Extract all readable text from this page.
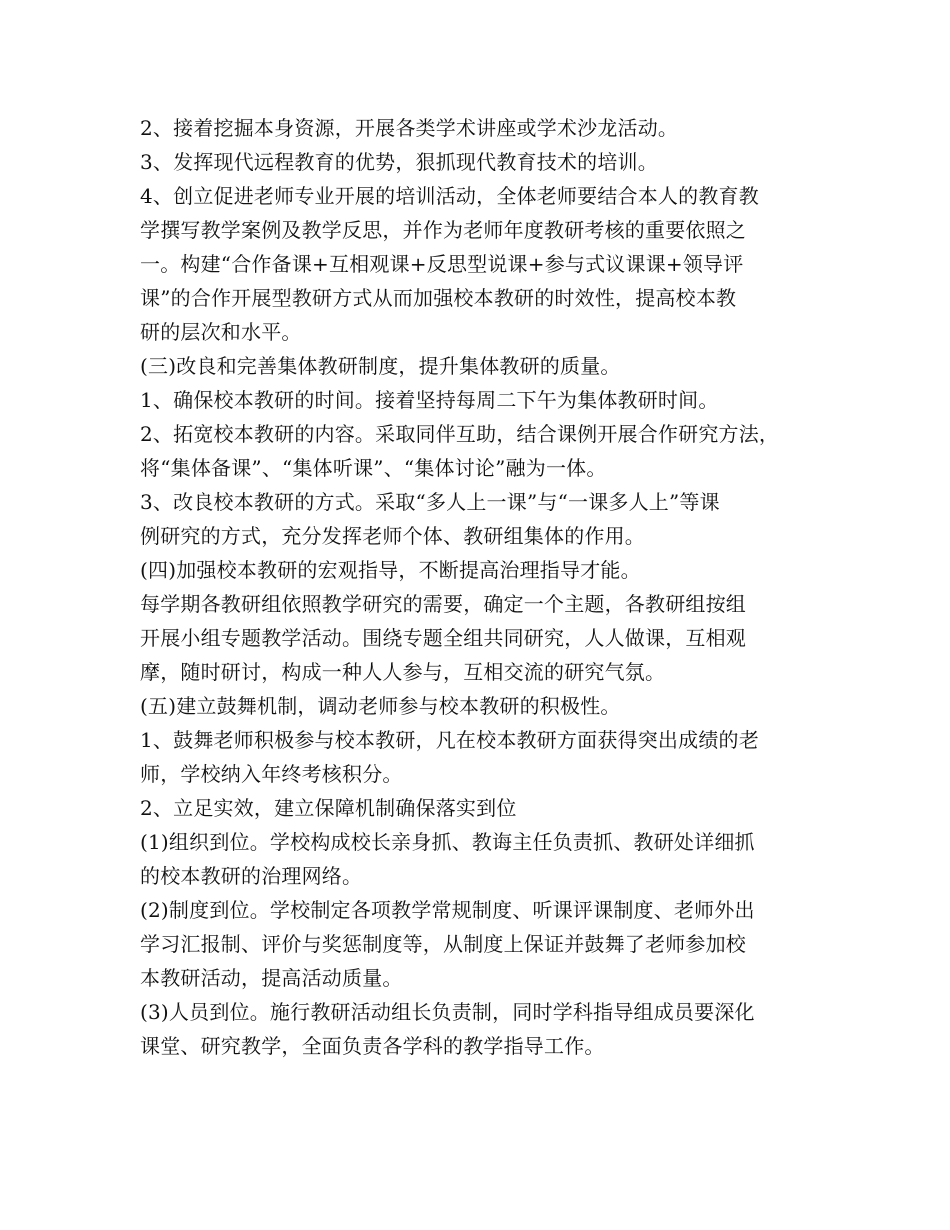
2、接着挖掘本身资源，开展各类学术讲座或学术沙龙活动。
3、发挥现代远程教育的优势，狠抓现代教育技术的培训。
4、创立促进老师专业开展的培训活动，全体老师要结合本人的教育教
学撰写教学案例及教学反思，并作为老师年度教研考核的重要依照之
一。构建“合作备课+互相观课+反思型说课+参与式议课课+领导评
课”的合作开展型教研方式从而加强校本教研的时效性，提高校本教
研的层次和水平。
(三)改良和完善集体教研制度，提升集体教研的质量。
1、确保校本教研的时间。接着坚持每周二下午为集体教研时间。
2、拓宽校本教研的内容。采取同伴互助，结合课例开展合作研究方法，
将“集体备课”、“集体听课”、“集体讨论”融为一体。
3、改良校本教研的方式。采取“多人上一课”与“一课多人上”等课
例研究的方式，充分发挥老师个体、教研组集体的作用。
(四)加强校本教研的宏观指导，不断提高治理指导才能。
每学期各教研组依照教学研究的需要，确定一个主题，各教研组按组
开展小组专题教学活动。围绕专题全组共同研究，人人做课，互相观
摩，随时研讨，构成一种人人参与，互相交流的研究气氛。
(五)建立鼓舞机制，调动老师参与校本教研的积极性。
1、鼓舞老师积极参与校本教研，凡在校本教研方面获得突出成绩的老
师，学校纳入年终考核积分。
2、立足实效，建立保障机制确保落实到位
(1)组织到位。学校构成校长亲身抓、教诲主任负责抓、教研处详细抓
的校本教研的治理网络。
(2)制度到位。学校制定各项教学常规制度、听课评课制度、老师外出
学习汇报制、评价与奖惩制度等，从制度上保证并鼓舞了老师参加校
本教研活动，提高活动质量。
(3)人员到位。施行教研活动组长负责制，同时学科指导组成员要深化
课堂、研究教学，全面负责各学科的教学指导工作。
